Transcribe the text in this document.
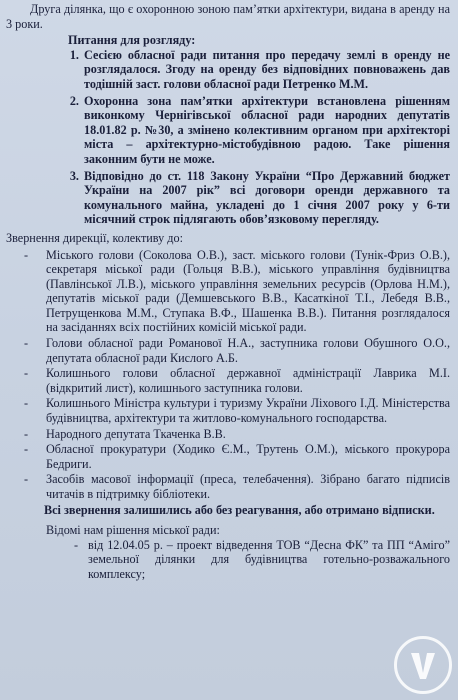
Друга ділянка, що є охоронною зоною пам’ятки архітектури, видана в аренду на 3 роки.

Питання для розгляду:
1. Сесією обласної ради питання про передачу землі в оренду не розглядалося. Згоду на оренду без відповідних повноважень дав тодішній заст. голови обласної ради Петренко М.М.
2. Охоронна зона пам’ятки архітектури встановлена рішенням виконкому Чернігівської обласної ради народних депутатів 18.01.82 р. №30, а змінено колективним органом при архітекторі міста – архітектурно-містобудівною радою. Таке рішення законним бути не може.
3. Відповідно до ст. 118 Закону України “Про Державний бюджет України на 2007 рік” всі договори оренди державного та комунального майна, укладені до 1 січня 2007 року у 6-ти місячний строк підлягають обов’язковому перегляду.
Звернення дирекції, колективу до:
- Міського голови (Соколова О.В.), заст. міського голови (Тунік-Фриз О.В.), секретаря міської ради (Гольця В.В.), міського управління будівництва (Павлінської Л.В.), міського управління земельних ресурсів (Орлова Н.М.), депутатів міської ради (Демшевського В.В., Касаткіної Т.І., Лебедя В.В., Петрущенкова М.М., Ступака В.Ф., Шашенка В.В.). Питання розглядалося на засіданнях всіх постійних комісій міської ради.
- Голови обласної ради Романової Н.А., заступника голови Обушного О.О., депутата обласної ради Кислого А.Б.
- Колишнього голови обласної державної адміністрації Лаврика М.І. (відкритий лист), колишнього заступника голови.
- Колишнього Міністра культури і туризму України Ліхового І.Д. Міністерства будівництва, архітектури та житлово-комунального господарства.
- Народного депутата Ткаченка В.В.
- Обласної прокуратури (Ходико Є.М., Трутень О.М.), міського прокурора Бедриги.
- Засобів масової інформації (преса, телебачення). Зібрано багато підписів читачів в підтримку бібліотеки.
Всі звернення залишились або без реагування, або отримано відписки.
Відомі нам рішення міської ради:
- від 12.04.05 р. – проект відведення ТОВ “Десна ФК” та ПП “Аміго” земельної ділянки для будівництва готельно-розважального комплексу;
